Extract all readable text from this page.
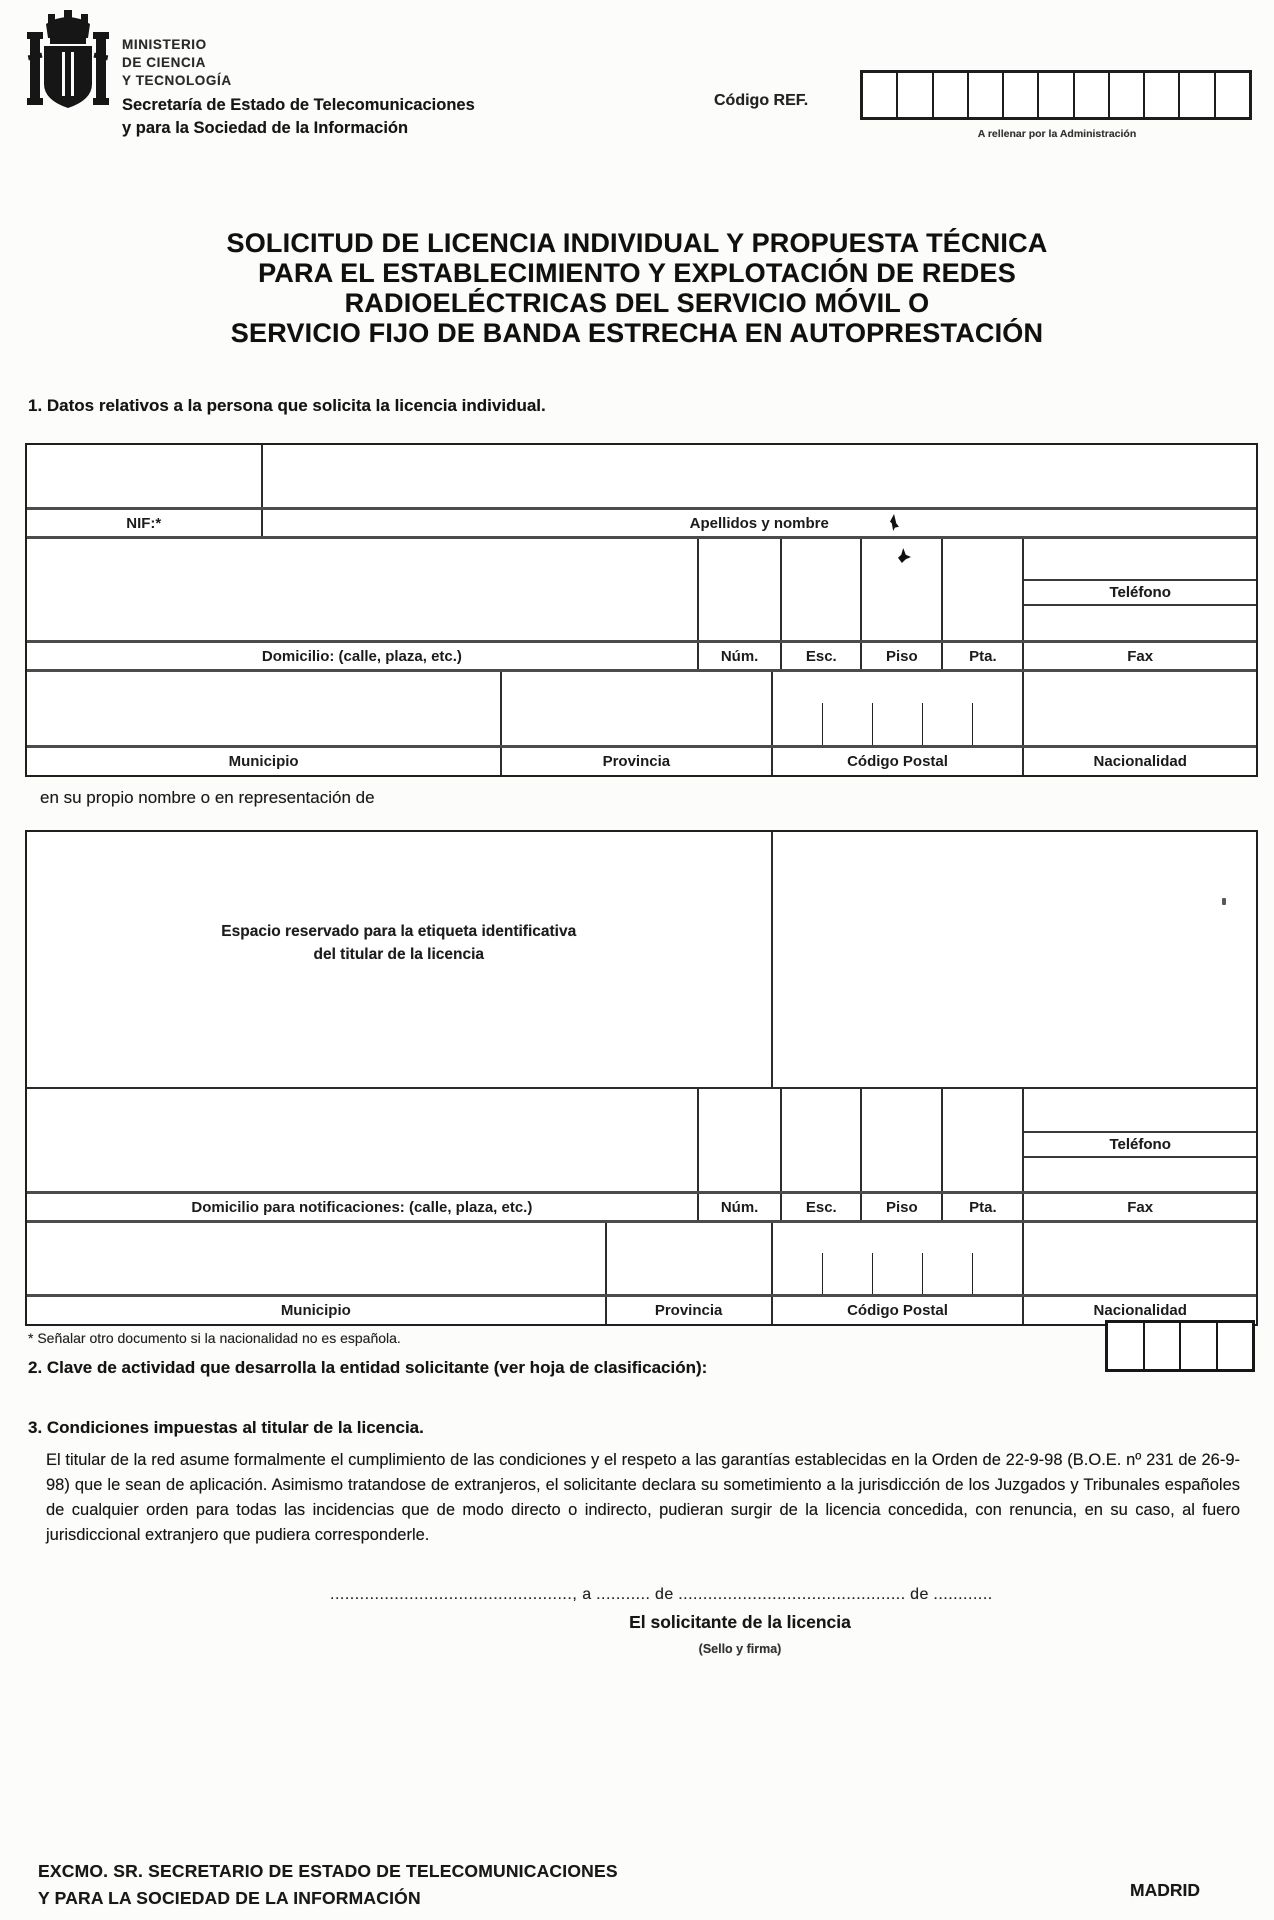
MINISTERIO
DE CIENCIA
Y TECNOLOGÍA
Secretaría de Estado de Telecomunicaciones
y para la Sociedad de la Información
Código REF.
A rellenar por la Administración
SOLICITUD DE LICENCIA INDIVIDUAL Y PROPUESTA TÉCNICA
PARA EL ESTABLECIMIENTO Y EXPLOTACIÓN DE REDES
RADIOELÉCTRICAS DEL SERVICIO MÓVIL O
SERVICIO FIJO DE BANDA ESTRECHA EN AUTOPRESTACIÓN
1. Datos relativos a la persona que solicita la licencia individual.
NIF:*	Apellidos y nombre
Teléfono
Domicilio: (calle, plaza, etc.)	Núm.	Esc.	Piso	Pta.	Fax
Municipio	Provincia	Código Postal	Nacionalidad
en su propio nombre o en representación de
Espacio reservado para la etiqueta identificativa
del titular de la licencia
Teléfono
Domicilio para notificaciones: (calle, plaza, etc.)	Núm.	Esc.	Piso	Pta.	Fax
Municipio	Provincia	Código Postal	Nacionalidad
* Señalar otro documento si la nacionalidad no es española.
2. Clave de actividad que desarrolla la entidad solicitante (ver hoja de clasificación):
3. Condiciones impuestas al titular de la licencia.
El titular de la red asume formalmente el cumplimiento de las condiciones y el respeto a las garantías establecidas en la Orden de 22-9-98 (B.O.E. nº 231 de 26-9-98) que le sean de aplicación. Asimismo tratandose de extranjeros, el solicitante declara su sometimiento a la jurisdicción de los Juzgados y Tribunales españoles de cualquier orden para todas las incidencias que de modo directo o indirecto, pudieran surgir de la licencia concedida, con renuncia, en su caso, al fuero jurisdiccional extranjero que pudiera corresponderle.
................................................., a ........... de .............................................. de ............
El solicitante de la licencia
(Sello y firma)
EXCMO. SR. SECRETARIO DE ESTADO DE TELECOMUNICACIONES
Y PARA LA SOCIEDAD DE LA INFORMACIÓN	MADRID
